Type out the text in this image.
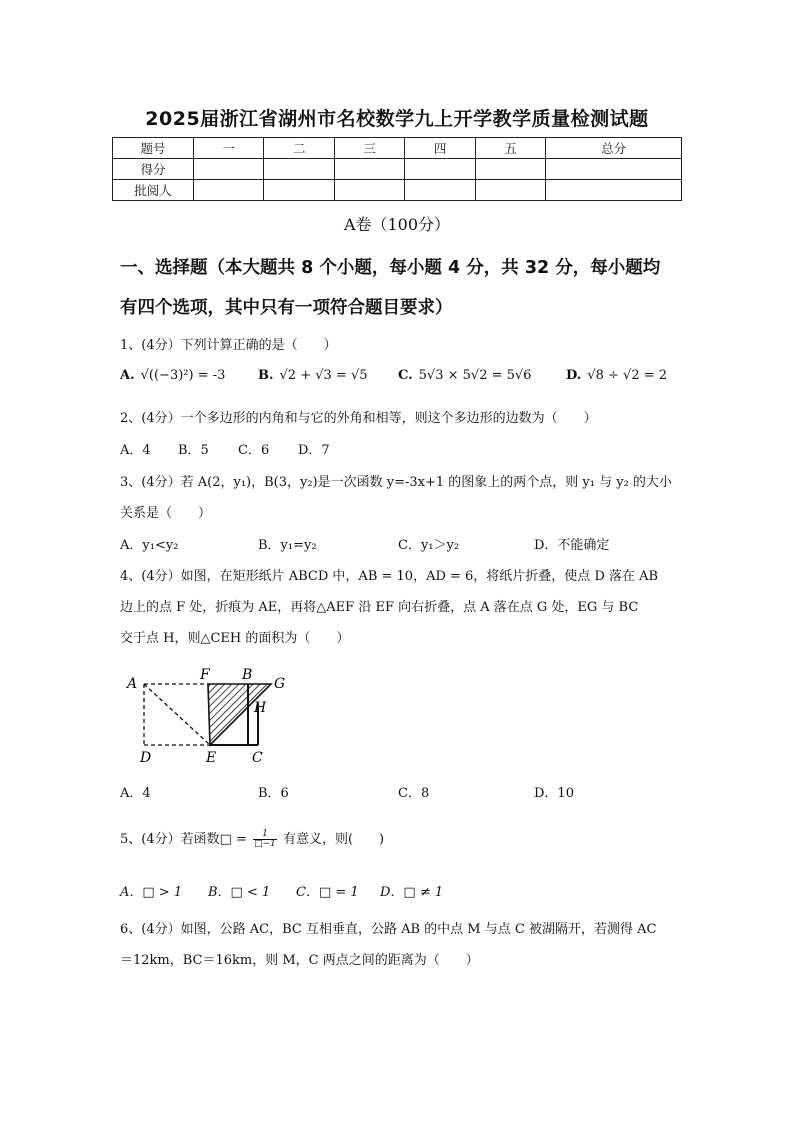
2025届浙江省湖州市名校数学九上开学教学质量检测试题
题号	一	二	三	四	五	总分
得分						
批阅人						
A卷（100分）
一、选择题（本大题共 8 个小题，每小题 4 分，共 32 分，每小题均
有四个选项，其中只有一项符合题目要求）
1、(4分）下列计算正确的是（　　）
A. √((−3)²) = -3	B. √2 + √3 = √5 C. 5√3 × 5√2 = 5√6	D. √8 ÷ √2 = 2
2、(4分）一个多边形的内角和与它的外角和相等，则这个多边形的边数为（　　）
A．4 B．5 C．6 D．7
3、(4分）若 A(2，y₁)，B(3，y₂)是一次函数 y=-3x+1 的图象上的两个点，则 y₁ 与 y₂ 的大小
关系是（　　）
A．y₁<y₂	B．y₁=y₂	C．y₁＞y₂	D．不能确定
4、(4分）如图，在矩形纸片 ABCD 中，AB = 10，AD = 6，将纸片折叠，使点 D 落在 AB
边上的点 F 处，折痕为 AE，再将△AEF 沿 EF 向右折叠，点 A 落在点 G 处，EG 与 BC
交于点 H，则△CEH 的面积为（　　）
A
F B
G
H
D	E	C
A．4	B．6	C．8	D．10
5、(4分）若函数□ = $\frac{1}{□-1}$ 有意义，则(　　)
A．□ > 1 B．□ < 1 C．□ = 1 D．□ ≠ 1
6、(4分）如图，公路 AC，BC 互相垂直，公路 AB 的中点 M 与点 C 被湖隔开，若测得 AC
＝12km，BC＝16km，则 M，C 两点之间的距离为（　　）
